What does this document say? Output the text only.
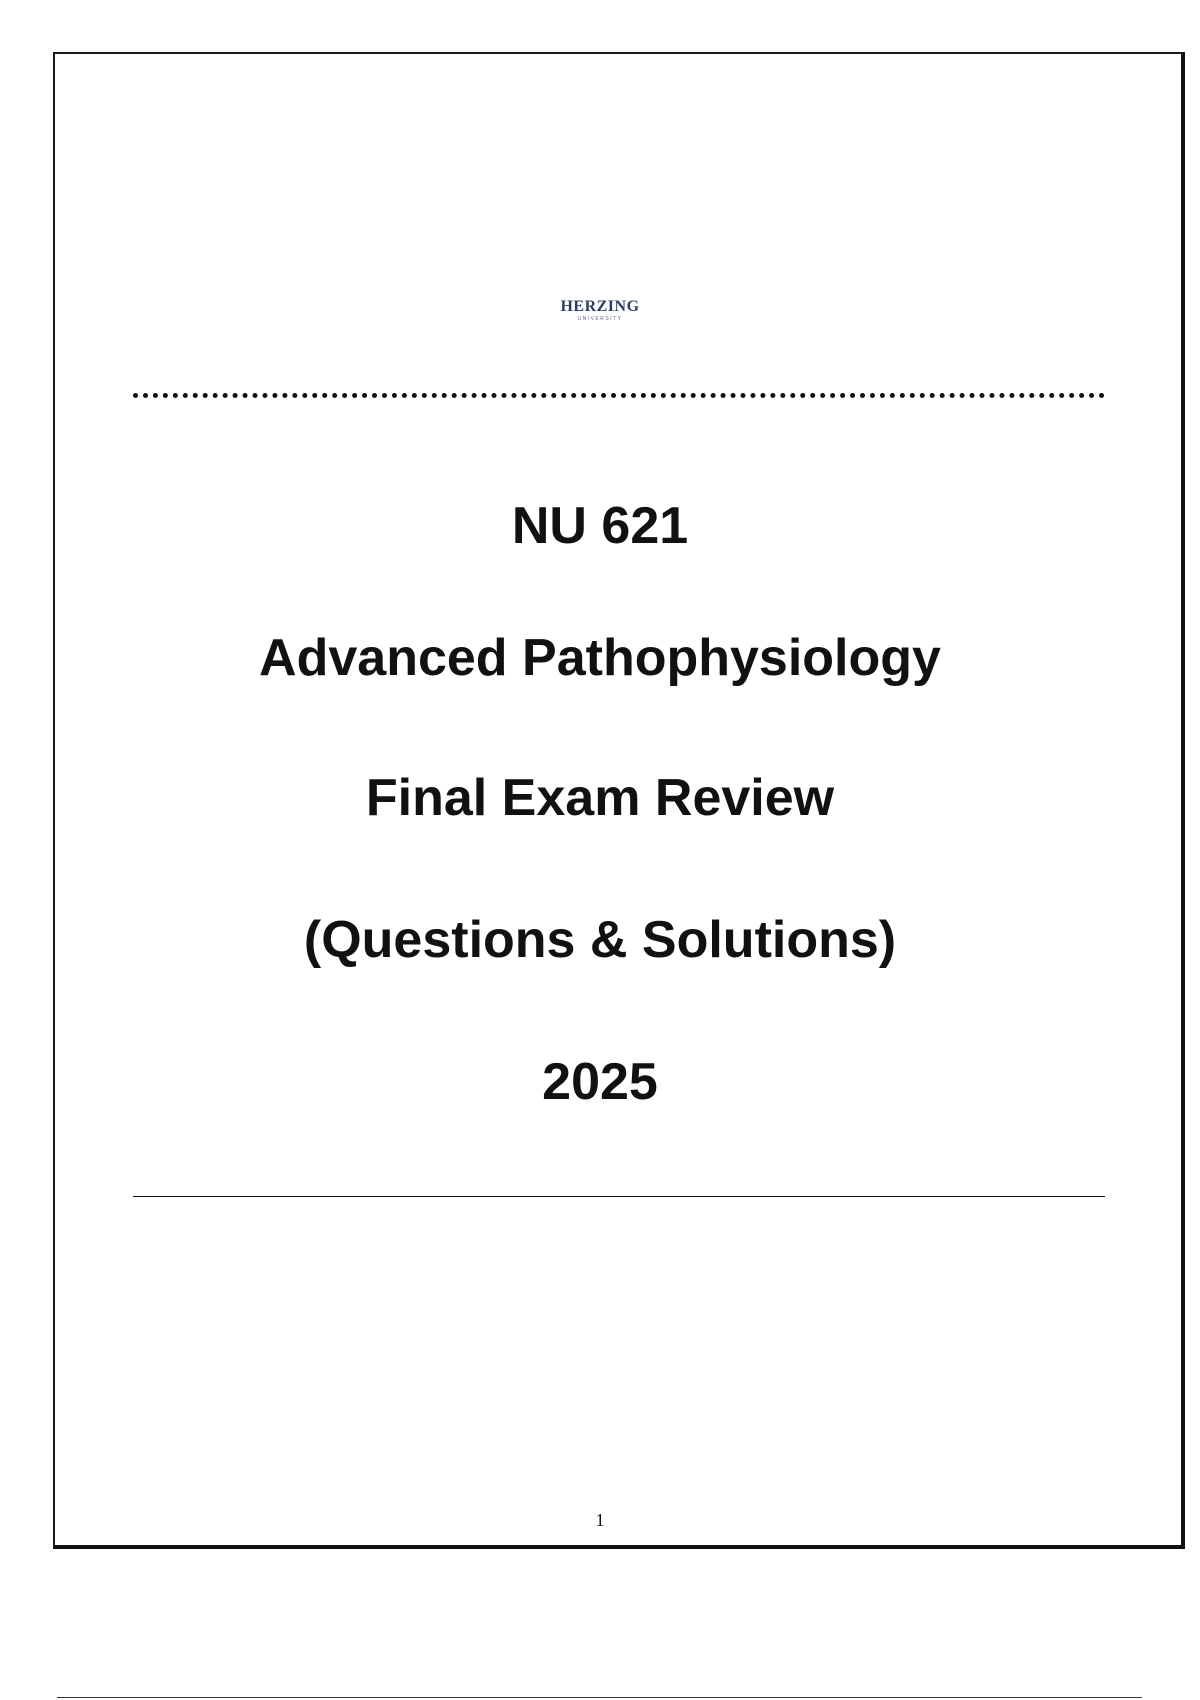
HERZING
UNIVERSITY
NU 621
Advanced Pathophysiology
Final Exam Review
(Questions & Solutions)
2025
1
